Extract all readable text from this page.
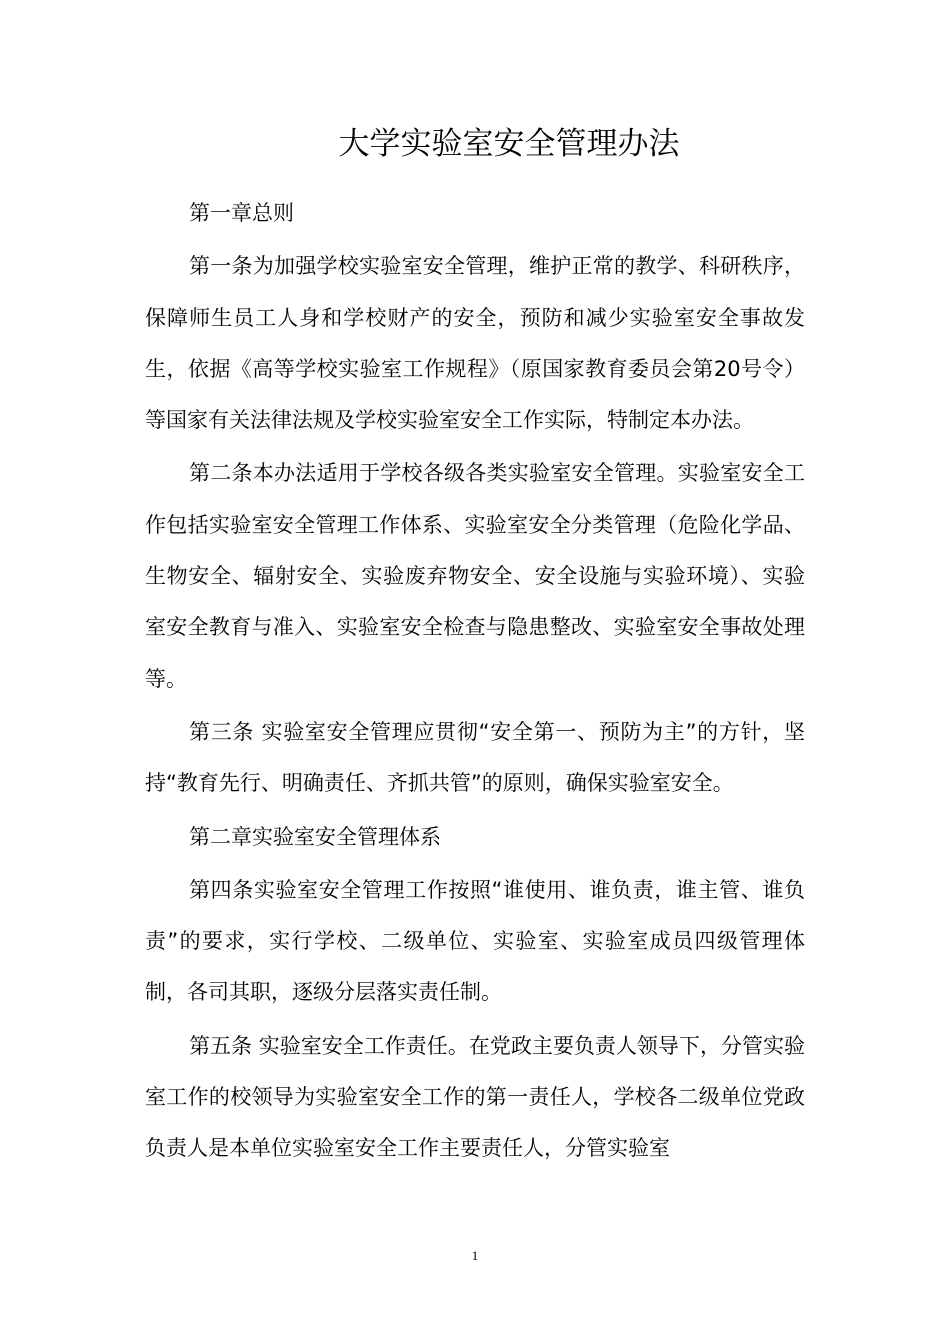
大学实验室安全管理办法

第一章总则

第一条为加强学校实验室安全管理，维护正常的教学、科研秩序，保障师生员工人身和学校财产的安全，预防和减少实验室安全事故发生，依据《高等学校实验室工作规程》（原国家教育委员会第20号令）等国家有关法律法规及学校实验室安全工作实际，特制定本办法。

第二条本办法适用于学校各级各类实验室安全管理。实验室安全工作包括实验室安全管理工作体系、实验室安全分类管理（危险化学品、生物安全、辐射安全、实验废弃物安全、安全设施与实验环境）、实验室安全教育与准入、实验室安全检查与隐患整改、实验室安全事故处理等。

第三条 实验室安全管理应贯彻“安全第一、预防为主”的方针，坚持“教育先行、明确责任、齐抓共管”的原则，确保实验室安全。

第二章实验室安全管理体系

第四条实验室安全管理工作按照“谁使用、谁负责，谁主管、谁负责”的要求，实行学校、二级单位、实验室、实验室成员四级管理体制，各司其职，逐级分层落实责任制。

第五条 实验室安全工作责任。在党政主要负责人领导下，分管实验室工作的校领导为实验室安全工作的第一责任人，学校各二级单位党政负责人是本单位实验室安全工作主要责任人，分管实验室

1
